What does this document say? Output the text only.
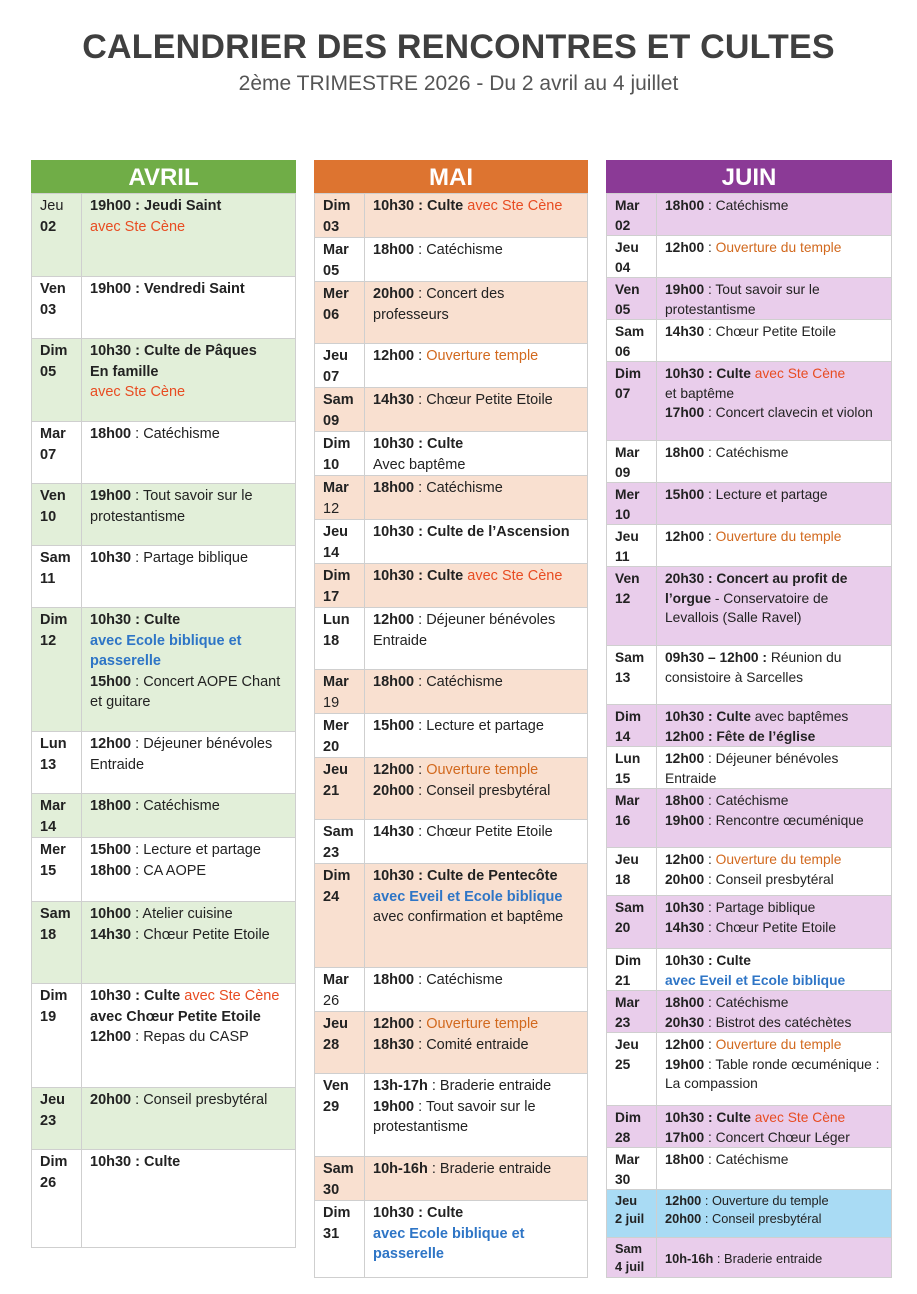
CALENDRIER DES RENCONTRES ET CULTES
2ème TRIMESTRE 2026 - Du 2 avril au 4 juillet
AVRIL
Jeu
02	19h00 : Jeudi Saint
avec Ste Cène
Ven
03	19h00 : Vendredi Saint
Dim
05	10h30 : Culte de Pâques
En famille
avec Ste Cène
Mar
07	18h00 : Catéchisme
Ven
10	19h00 : Tout savoir sur le protestantisme
Sam
11	10h30 : Partage biblique
Dim
12	10h30 : Culte
avec Ecole biblique et passerelle
15h00 : Concert AOPE Chant et guitare
Lun
13	12h00 : Déjeuner bénévoles Entraide
Mar
14	18h00 : Catéchisme
Mer
15	15h00 : Lecture et partage
18h00 : CA AOPE
Sam
18	10h00 : Atelier cuisine
14h30 : Chœur Petite Etoile
Dim
19	10h30 : Culte avec Ste Cène
avec Chœur Petite Etoile
12h00 : Repas du CASP
Jeu
23	20h00 : Conseil presbytéral
Dim
26	10h30 : Culte
MAI
Dim
03	10h30 : Culte avec Ste Cène
Mar
05	18h00 : Catéchisme
Mer
06	20h00 : Concert des professeurs
Jeu
07	12h00 : Ouverture temple
Sam
09	14h30 : Chœur Petite Etoile
Dim
10	10h30 : Culte
Avec baptême
Mar
12	18h00 : Catéchisme
Jeu
14	10h30 : Culte de l’Ascension
Dim
17	10h30 : Culte avec Ste Cène
Lun
18	12h00 : Déjeuner bénévoles Entraide
Mar
19	18h00 : Catéchisme
Mer
20	15h00 : Lecture et partage
Jeu
21	12h00 : Ouverture temple
20h00 : Conseil presbytéral
Sam
23	14h30 : Chœur Petite Etoile
Dim
24	10h30 : Culte de Pentecôte
avec Eveil et Ecole biblique
avec confirmation et baptême
Mar
26	18h00 : Catéchisme
Jeu
28	12h00 : Ouverture temple
18h30 : Comité entraide
Ven
29	13h-17h : Braderie entraide
19h00 : Tout savoir sur le protestantisme
Sam
30	10h-16h : Braderie entraide
Dim
31	10h30 : Culte
avec Ecole biblique et passerelle
JUIN
Mar
02	18h00 : Catéchisme
Jeu
04	12h00 : Ouverture du temple
Ven
05	19h00 : Tout savoir sur le protestantisme
Sam
06	14h30 : Chœur Petite Etoile
Dim
07	10h30 : Culte avec Ste Cène
et baptême
17h00 : Concert clavecin et violon
Mar
09	18h00 : Catéchisme
Mer
10	15h00 : Lecture et partage
Jeu
11	12h00 : Ouverture du temple
Ven
12	20h30 : Concert au profit de l’orgue - Conservatoire de Levallois (Salle Ravel)
Sam
13	09h30 – 12h00 : Réunion du consistoire à Sarcelles
Dim
14	10h30 : Culte avec baptêmes
12h00 : Fête de l’église
Lun
15	12h00 : Déjeuner bénévoles Entraide
Mar
16	18h00 : Catéchisme
19h00 : Rencontre œcuménique
Jeu
18	12h00 : Ouverture du temple
20h00 : Conseil presbytéral
Sam
20	10h30 : Partage biblique
14h30 : Chœur Petite Etoile
Dim
21	10h30 : Culte
avec Eveil et Ecole biblique
Mar
23	18h00 : Catéchisme
20h30 : Bistrot des catéchètes
Jeu
25	12h00 : Ouverture du temple
19h00 : Table ronde œcuménique : La compassion
Dim
28	10h30 : Culte avec Ste Cène
17h00 : Concert Chœur Léger
Mar
30	18h00 : Catéchisme
Jeu
2 juil	12h00 : Ouverture du temple
20h00 : Conseil presbytéral
Sam
4 juil	10h-16h : Braderie entraide
